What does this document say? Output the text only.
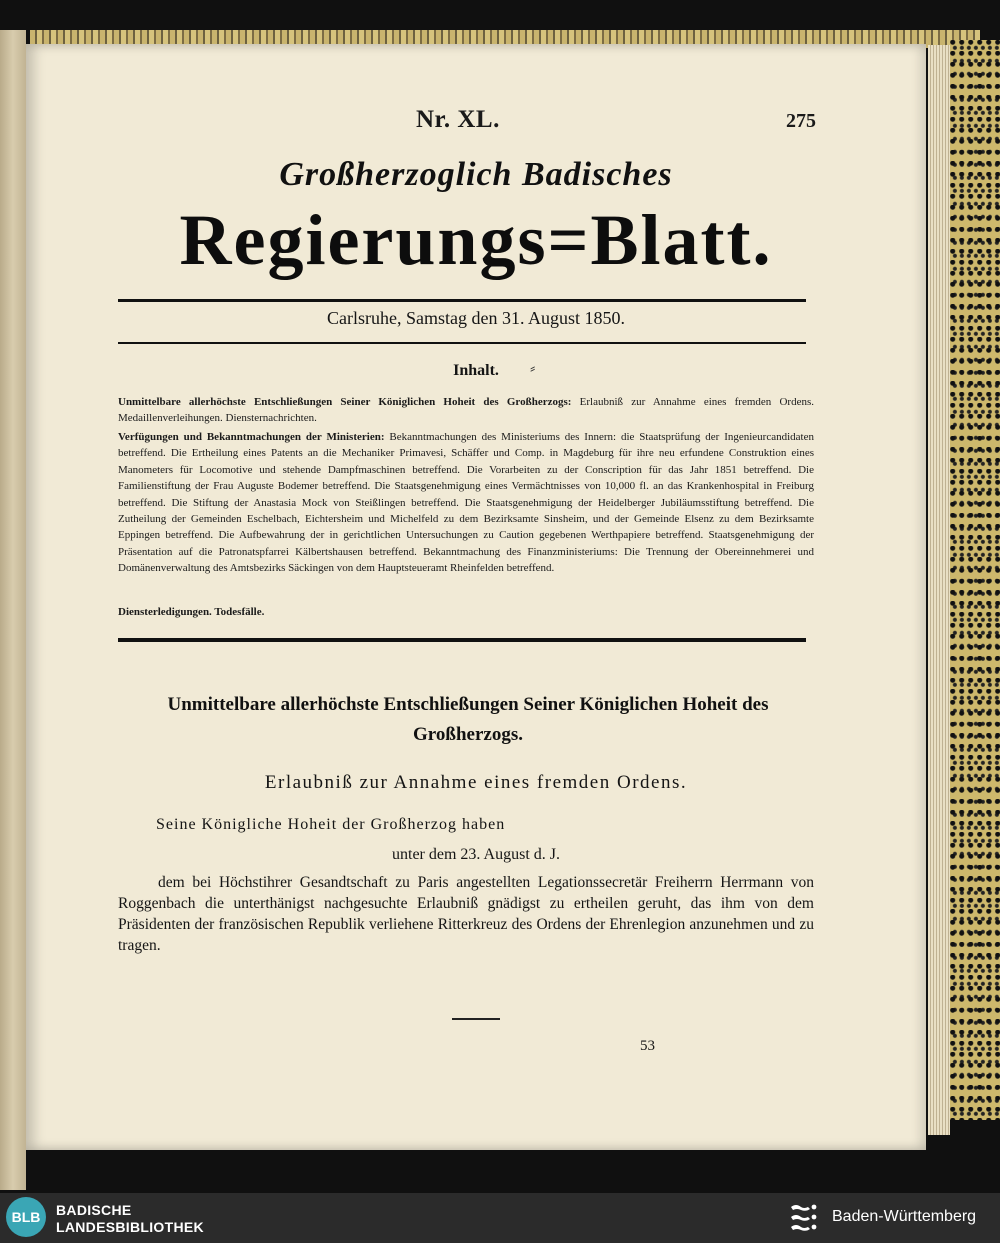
Nr. XL.	275
Großherzoglich Badisches
Regierungs=Blatt.
Carlsruhe, Samstag den 31. August 1850.
Inhalt.	⸗
Unmittelbare allerhöchste Entschließungen Seiner Königlichen Hoheit des Großherzogs: Erlaubniß zur Annahme eines fremden Ordens. Medaillenverleihungen. Diensternachrichten.
Verfügungen und Bekanntmachungen der Ministerien: Bekanntmachungen des Ministeriums des Innern: die Staatsprüfung der Ingenieurcandidaten betreffend. Die Ertheilung eines Patents an die Mechaniker Primavesi, Schäffer und Comp. in Magdeburg für ihre neu erfundene Construktion eines Manometers für Locomotive und stehende Dampfmaschinen betreffend. Die Vorarbeiten zu der Conscription für das Jahr 1851 betreffend. Die Familienstiftung der Frau Auguste Bodemer betreffend. Die Staatsgenehmigung eines Vermächtnisses von 10,000 fl. an das Krankenhospital in Freiburg betreffend. Die Stiftung der Anastasia Mock von Steißlingen betreffend. Die Staatsgenehmigung der Heidelberger Jubiläumsstiftung betreffend. Die Zutheilung der Gemeinden Eschelbach, Eichtersheim und Michelfeld zu dem Bezirksamte Sinsheim, und der Gemeinde Elsenz zu dem Bezirksamte Eppingen betreffend. Die Aufbewahrung der in gerichtlichen Untersuchungen zu Caution gegebenen Werthpapiere betreffend. Staatsgenehmigung der Präsentation auf die Patronatspfarrei Kälbertshausen betreffend. Bekanntmachung des Finanzministeriums: Die Trennung der Obereinnehmerei und Domänenverwaltung des Amtsbezirks Säckingen von dem Hauptsteueramt Rheinfelden betreffend.
Diensterledigungen. Todesfälle.
Unmittelbare allerhöchste Entschließungen Seiner Königlichen Hoheit des Großherzogs.
Erlaubniß zur Annahme eines fremden Ordens.
Seine Königliche Hoheit der Großherzog haben
unter dem 23. August d. J.
dem bei Höchstihrer Gesandtschaft zu Paris angestellten Legationssecretär Freiherrn Herrmann von Roggenbach die unterthänigst nachgesuchte Erlaubniß gnädigst zu ertheilen geruht, das ihm von dem Präsidenten der französischen Republik verliehene Ritterkreuz des Ordens der Ehrenlegion anzunehmen und zu tragen.
53
BLB	BADISCHE
LANDESBIBLIOTHEK
Baden-Württemberg
